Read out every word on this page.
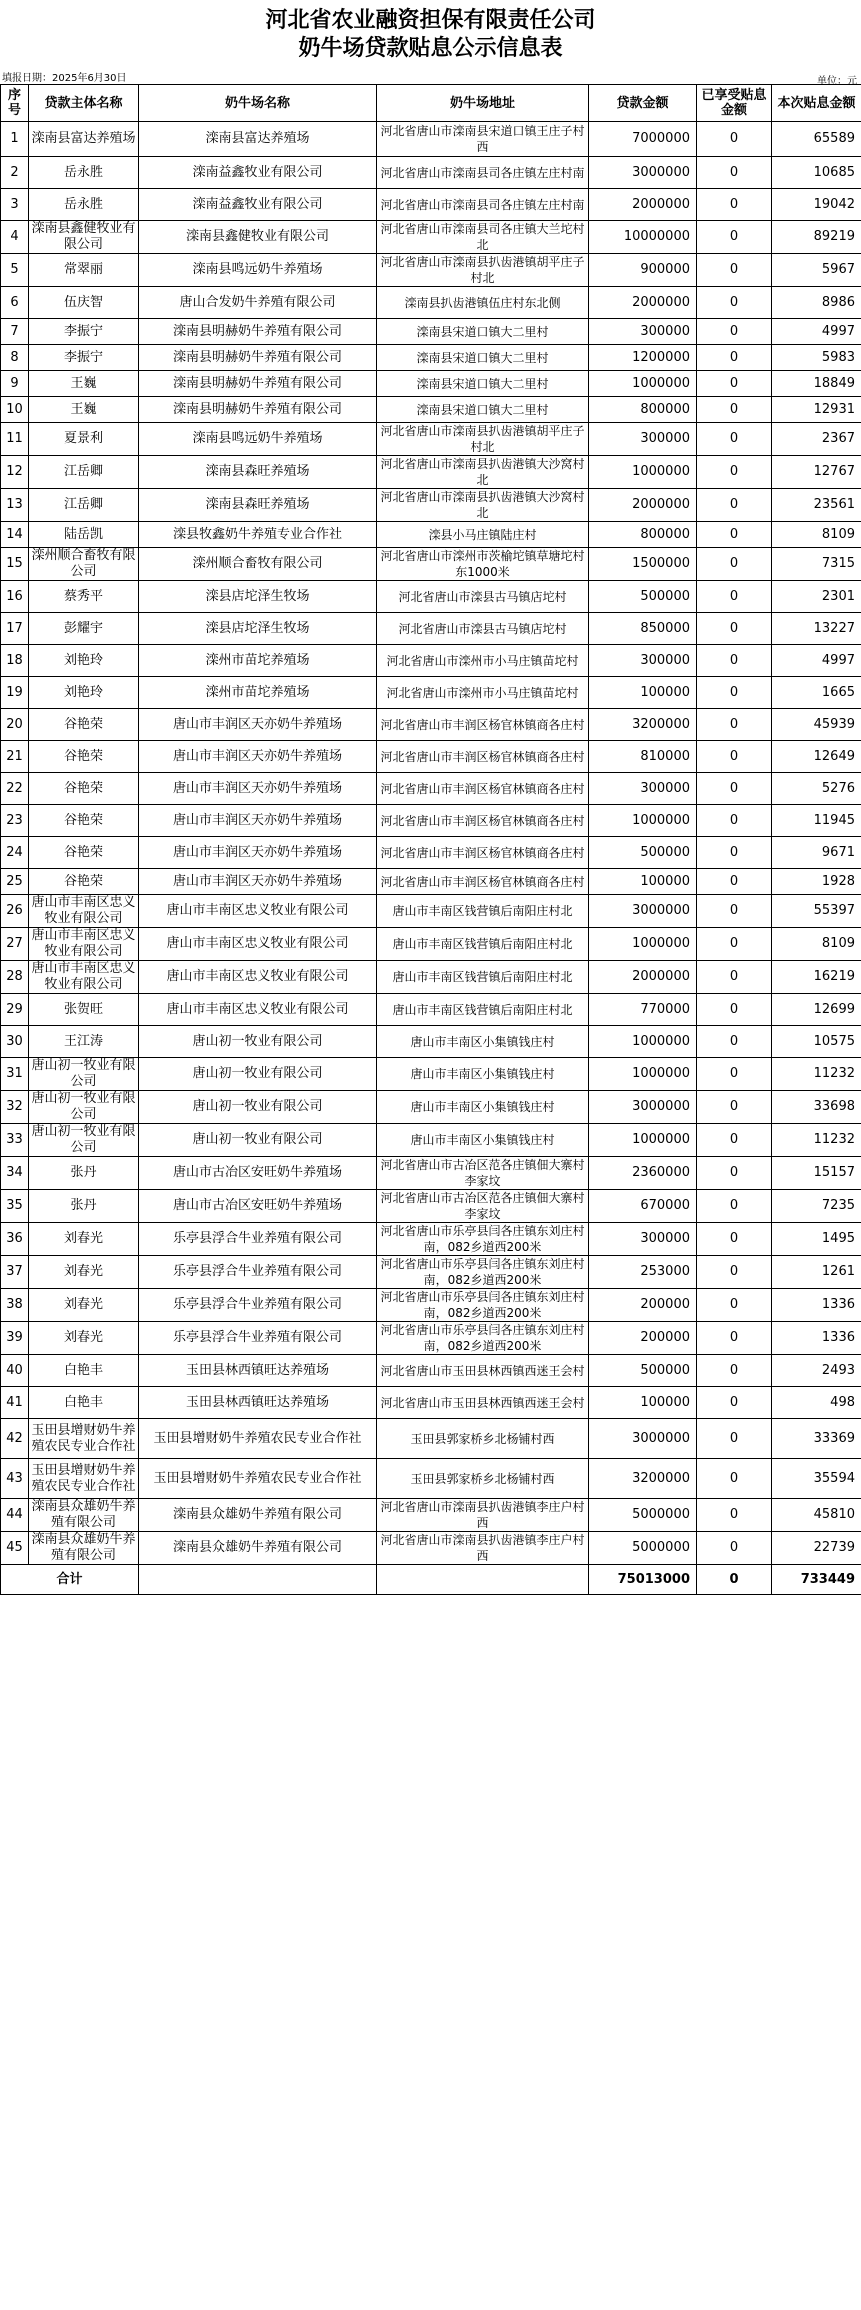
河北省农业融资担保有限责任公司
奶牛场贷款贴息公示信息表
填报日期：2025年6月30日	单位：元
序号	贷款主体名称	奶牛场名称	奶牛场地址	贷款金额	已享受贴息金额	本次贴息金额
1	滦南县富达养殖场	滦南县富达养殖场	河北省唐山市滦南县宋道口镇王庄子村西	7000000	0	65589
2	岳永胜	滦南益鑫牧业有限公司	河北省唐山市滦南县司各庄镇左庄村南	3000000	0	10685
3	岳永胜	滦南益鑫牧业有限公司	河北省唐山市滦南县司各庄镇左庄村南	2000000	0	19042
4	滦南县鑫健牧业有限公司	滦南县鑫健牧业有限公司	河北省唐山市滦南县司各庄镇大兰坨村北	10000000	0	89219
5	常翠丽	滦南县鸣远奶牛养殖场	河北省唐山市滦南县扒齿港镇胡平庄子村北	900000	0	5967
6	伍庆智	唐山合发奶牛养殖有限公司	滦南县扒齿港镇伍庄村东北侧	2000000	0	8986
7	李振宁	滦南县明赫奶牛养殖有限公司	滦南县宋道口镇大二里村	300000	0	4997
8	李振宁	滦南县明赫奶牛养殖有限公司	滦南县宋道口镇大二里村	1200000	0	5983
9	王巍	滦南县明赫奶牛养殖有限公司	滦南县宋道口镇大二里村	1000000	0	18849
10	王巍	滦南县明赫奶牛养殖有限公司	滦南县宋道口镇大二里村	800000	0	12931
11	夏景利	滦南县鸣远奶牛养殖场	河北省唐山市滦南县扒齿港镇胡平庄子村北	300000	0	2367
12	江岳卿	滦南县森旺养殖场	河北省唐山市滦南县扒齿港镇大沙窝村北	1000000	0	12767
13	江岳卿	滦南县森旺养殖场	河北省唐山市滦南县扒齿港镇大沙窝村北	2000000	0	23561
14	陆岳凯	滦县牧鑫奶牛养殖专业合作社	滦县小马庄镇陆庄村	800000	0	8109
15	滦州顺合畜牧有限公司	滦州顺合畜牧有限公司	河北省唐山市滦州市茨榆坨镇草塘坨村东1000米	1500000	0	7315
16	蔡秀平	滦县店坨泽生牧场	河北省唐山市滦县古马镇店坨村	500000	0	2301
17	彭耀宇	滦县店坨泽生牧场	河北省唐山市滦县古马镇店坨村	850000	0	13227
18	刘艳玲	滦州市苗坨养殖场	河北省唐山市滦州市小马庄镇苗坨村	300000	0	4997
19	刘艳玲	滦州市苗坨养殖场	河北省唐山市滦州市小马庄镇苗坨村	100000	0	1665
20	谷艳荣	唐山市丰润区天亦奶牛养殖场	河北省唐山市丰润区杨官林镇商各庄村	3200000	0	45939
21	谷艳荣	唐山市丰润区天亦奶牛养殖场	河北省唐山市丰润区杨官林镇商各庄村	810000	0	12649
22	谷艳荣	唐山市丰润区天亦奶牛养殖场	河北省唐山市丰润区杨官林镇商各庄村	300000	0	5276
23	谷艳荣	唐山市丰润区天亦奶牛养殖场	河北省唐山市丰润区杨官林镇商各庄村	1000000	0	11945
24	谷艳荣	唐山市丰润区天亦奶牛养殖场	河北省唐山市丰润区杨官林镇商各庄村	500000	0	9671
25	谷艳荣	唐山市丰润区天亦奶牛养殖场	河北省唐山市丰润区杨官林镇商各庄村	100000	0	1928
26	唐山市丰南区忠义牧业有限公司	唐山市丰南区忠义牧业有限公司	唐山市丰南区钱营镇后南阳庄村北	3000000	0	55397
27	唐山市丰南区忠义牧业有限公司	唐山市丰南区忠义牧业有限公司	唐山市丰南区钱营镇后南阳庄村北	1000000	0	8109
28	唐山市丰南区忠义牧业有限公司	唐山市丰南区忠义牧业有限公司	唐山市丰南区钱营镇后南阳庄村北	2000000	0	16219
29	张贺旺	唐山市丰南区忠义牧业有限公司	唐山市丰南区钱营镇后南阳庄村北	770000	0	12699
30	王江涛	唐山初一牧业有限公司	唐山市丰南区小集镇钱庄村	1000000	0	10575
31	唐山初一牧业有限公司	唐山初一牧业有限公司	唐山市丰南区小集镇钱庄村	1000000	0	11232
32	唐山初一牧业有限公司	唐山初一牧业有限公司	唐山市丰南区小集镇钱庄村	3000000	0	33698
33	唐山初一牧业有限公司	唐山初一牧业有限公司	唐山市丰南区小集镇钱庄村	1000000	0	11232
34	张丹	唐山市古冶区安旺奶牛养殖场	河北省唐山市古冶区范各庄镇佃大寨村李家坟	2360000	0	15157
35	张丹	唐山市古冶区安旺奶牛养殖场	河北省唐山市古冶区范各庄镇佃大寨村李家坟	670000	0	7235
36	刘春光	乐亭县浮合牛业养殖有限公司	河北省唐山市乐亭县闫各庄镇东刘庄村南，082乡道西200米	300000	0	1495
37	刘春光	乐亭县浮合牛业养殖有限公司	河北省唐山市乐亭县闫各庄镇东刘庄村南，082乡道西200米	253000	0	1261
38	刘春光	乐亭县浮合牛业养殖有限公司	河北省唐山市乐亭县闫各庄镇东刘庄村南，082乡道西200米	200000	0	1336
39	刘春光	乐亭县浮合牛业养殖有限公司	河北省唐山市乐亭县闫各庄镇东刘庄村南，082乡道西200米	200000	0	1336
40	白艳丰	玉田县林西镇旺达养殖场	河北省唐山市玉田县林西镇西迷王会村	500000	0	2493
41	白艳丰	玉田县林西镇旺达养殖场	河北省唐山市玉田县林西镇西迷王会村	100000	0	498
42	玉田县增财奶牛养殖农民专业合作社	玉田县增财奶牛养殖农民专业合作社	玉田县郭家桥乡北杨铺村西	3000000	0	33369
43	玉田县增财奶牛养殖农民专业合作社	玉田县增财奶牛养殖农民专业合作社	玉田县郭家桥乡北杨铺村西	3200000	0	35594
44	滦南县众雄奶牛养殖有限公司	滦南县众雄奶牛养殖有限公司	河北省唐山市滦南县扒齿港镇李庄户村西	5000000	0	45810
45	滦南县众雄奶牛养殖有限公司	滦南县众雄奶牛养殖有限公司	河北省唐山市滦南县扒齿港镇李庄户村西	5000000	0	22739
合计				75013000	0	733449
